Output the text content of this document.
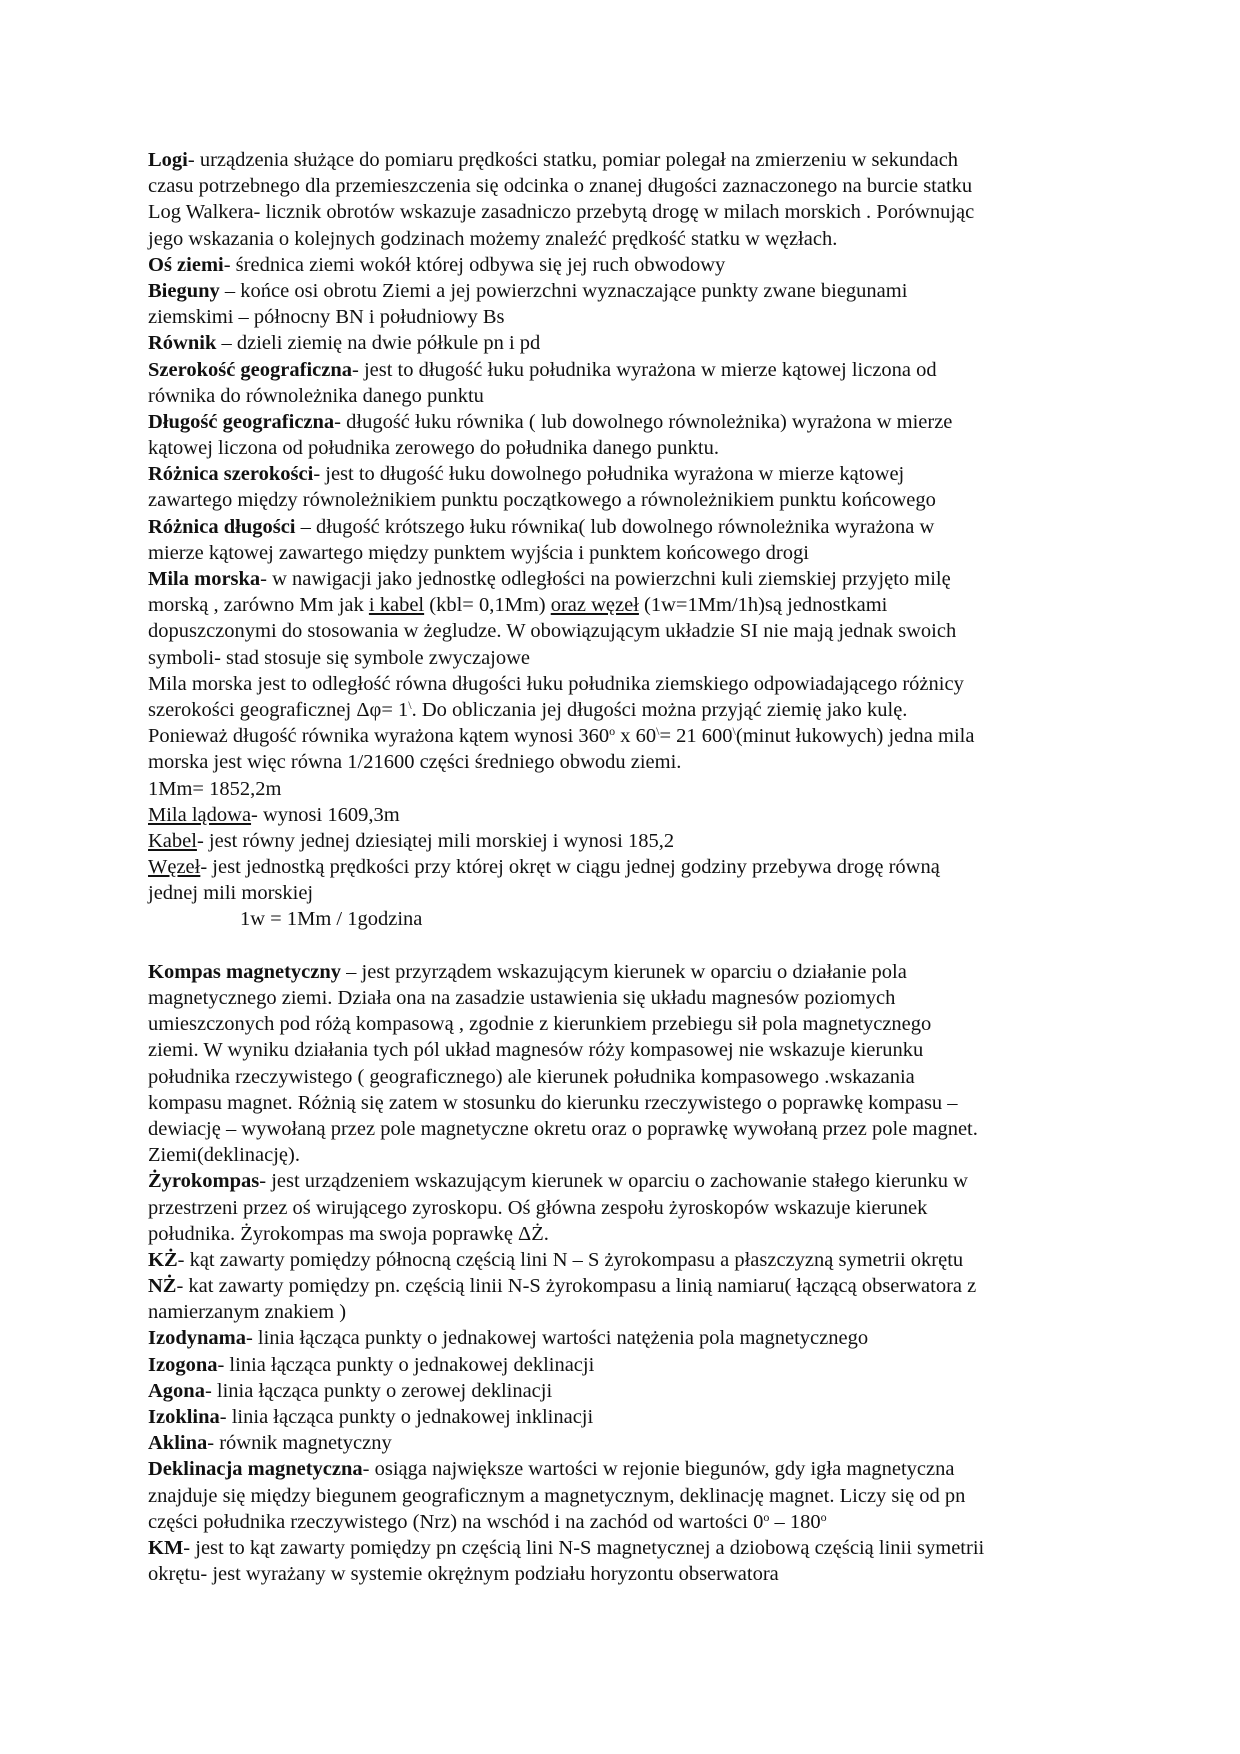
Logi- urządzenia służące do pomiaru prędkości statku, pomiar polegał na zmierzeniu w sekundach
czasu potrzebnego dla przemieszczenia się odcinka o znanej długości zaznaczonego na burcie statku
Log Walkera- licznik obrotów wskazuje zasadniczo przebytą drogę w milach morskich . Porównując
jego wskazania o kolejnych godzinach możemy znaleźć prędkość statku w węzłach.
Oś ziemi- średnica ziemi wokół której odbywa się jej ruch obwodowy
Bieguny – końce osi obrotu Ziemi a jej powierzchni wyznaczające punkty zwane biegunami
ziemskimi – północny BN i południowy Bs
Równik – dzieli ziemię na dwie półkule pn i pd
Szerokość geograficzna- jest to długość łuku południka wyrażona w mierze kątowej liczona od
równika do równoleżnika danego punktu
Długość geograficzna- długość łuku równika ( lub dowolnego równoleżnika) wyrażona w mierze
kątowej liczona od południka zerowego do południka danego punktu.
Różnica szerokości- jest to długość łuku dowolnego południka wyrażona w mierze kątowej
zawartego między równoleżnikiem punktu początkowego a równoleżnikiem punktu końcowego
Różnica długości – długość krótszego łuku równika( lub dowolnego równoleżnika wyrażona w
mierze kątowej zawartego między punktem wyjścia i punktem końcowego drogi
Mila morska- w nawigacji jako jednostkę odległości na powierzchni kuli ziemskiej przyjęto milę
morską , zarówno Mm jak i kabel (kbl= 0,1Mm) oraz węzeł (1w=1Mm/1h)są jednostkami
dopuszczonymi do stosowania w żegludze. W obowiązującym układzie SI nie mają jednak swoich
symboli- stad stosuje się symbole zwyczajowe
Mila morska jest to odległość równa długości łuku południka ziemskiego odpowiadającego różnicy
szerokości geograficznej Δφ= 1\. Do obliczania jej długości można przyjąć ziemię jako kulę.
Ponieważ długość równika wyrażona kątem wynosi 360$^o$ x 60\= 21 600\(minut łukowych) jedna mila
morska jest więc równa 1/21600 części średniego obwodu ziemi.
1Mm= 1852,2m
Mila lądowa- wynosi 1609,3m
Kabel- jest równy jednej dziesiątej mili morskiej i wynosi 185,2
Węzeł- jest jednostką prędkości przy której okręt w ciągu jednej godziny przebywa drogę równą
jednej mili morskiej
1w = 1Mm / 1godzina
Kompas magnetyczny – jest przyrządem wskazującym kierunek w oparciu o działanie pola
magnetycznego ziemi. Działa ona na zasadzie ustawienia się układu magnesów poziomych
umieszczonych pod różą kompasową , zgodnie z kierunkiem przebiegu sił pola magnetycznego
ziemi. W wyniku działania tych pól układ magnesów róży kompasowej nie wskazuje kierunku
południka rzeczywistego ( geograficznego) ale kierunek południka kompasowego .wskazania
kompasu magnet. Różnią się zatem w stosunku do kierunku rzeczywistego o poprawkę kompasu –
dewiację – wywołaną przez pole magnetyczne okretu oraz o poprawkę wywołaną przez pole magnet.
Ziemi(deklinację).
Żyrokompas- jest urządzeniem wskazującym kierunek w oparciu o zachowanie stałego kierunku w
przestrzeni przez oś wirującego zyroskopu. Oś główna zespołu żyroskopów wskazuje kierunek
południka. Żyrokompas ma swoja poprawkę ΔŻ.
KŻ- kąt zawarty pomiędzy północną częścią lini N – S żyrokompasu a płaszczyzną symetrii okrętu
NŻ- kat zawarty pomiędzy pn. częścią linii N-S żyrokompasu a linią namiaru( łączącą obserwatora z
namierzanym znakiem )
Izodynama- linia łącząca punkty o jednakowej wartości natężenia pola magnetycznego
Izogona- linia łącząca punkty o jednakowej deklinacji
Agona- linia łącząca punkty o zerowej deklinacji
Izoklina- linia łącząca punkty o jednakowej inklinacji
Aklina- równik magnetyczny
Deklinacja magnetyczna- osiąga największe wartości w rejonie biegunów, gdy igła magnetyczna
znajduje się między biegunem geograficznym a magnetycznym, deklinację magnet. Liczy się od pn
części południka rzeczywistego (Nrz) na wschód i na zachód od wartości 0$^o$ – 180$^o$
KM- jest to kąt zawarty pomiędzy pn częścią lini N-S magnetycznej a dziobową częścią linii symetrii
okrętu- jest wyrażany w systemie okrężnym podziału horyzontu obserwatora
